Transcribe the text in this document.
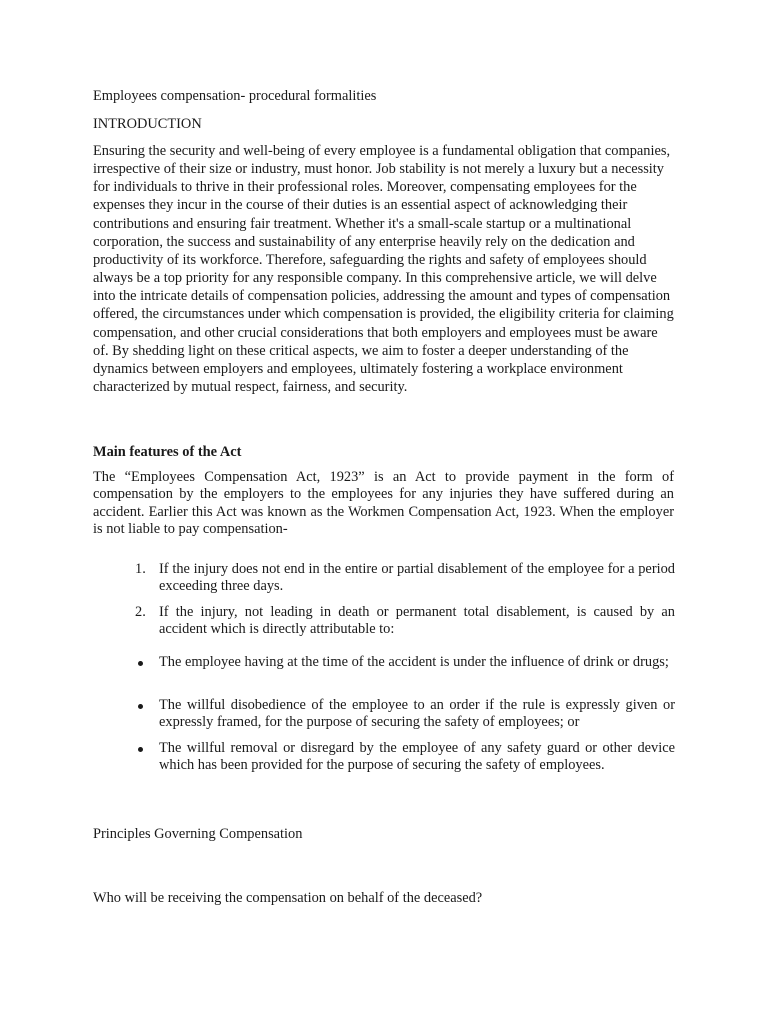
Employees compensation- procedural formalities
INTRODUCTION
Ensuring the security and well-being of every employee is a fundamental obligation that companies, irrespective of their size or industry, must honor. Job stability is not merely a luxury but a necessity for individuals to thrive in their professional roles. Moreover, compensating employees for the expenses they incur in the course of their duties is an essential aspect of acknowledging their contributions and ensuring fair treatment. Whether it's a small-scale startup or a multinational corporation, the success and sustainability of any enterprise heavily rely on the dedication and productivity of its workforce. Therefore, safeguarding the rights and safety of employees should always be a top priority for any responsible company. In this comprehensive article, we will delve into the intricate details of compensation policies, addressing the amount and types of compensation offered, the circumstances under which compensation is provided, the eligibility criteria for claiming compensation, and other crucial considerations that both employers and employees must be aware of. By shedding light on these critical aspects, we aim to foster a deeper understanding of the dynamics between employers and employees, ultimately fostering a workplace environment characterized by mutual respect, fairness, and security.
Main features of the Act
The “Employees Compensation Act, 1923” is an Act to provide payment in the form of compensation by the employers to the employees for any injuries they have suffered during an accident. Earlier this Act was known as the Workmen Compensation Act, 1923. When the employer is not liable to pay compensation-
1. If the injury does not end in the entire or partial disablement of the employee for a period exceeding three days.
2. If the injury, not leading in death or permanent total disablement, is caused by an accident which is directly attributable to:
The employee having at the time of the accident is under the influence of drink or drugs;
The willful disobedience of the employee to an order if the rule is expressly given or expressly framed, for the purpose of securing the safety of employees; or
The willful removal or disregard by the employee of any safety guard or other device which has been provided for the purpose of securing the safety of employees.
Principles Governing Compensation
Who will be receiving the compensation on behalf of the deceased?
